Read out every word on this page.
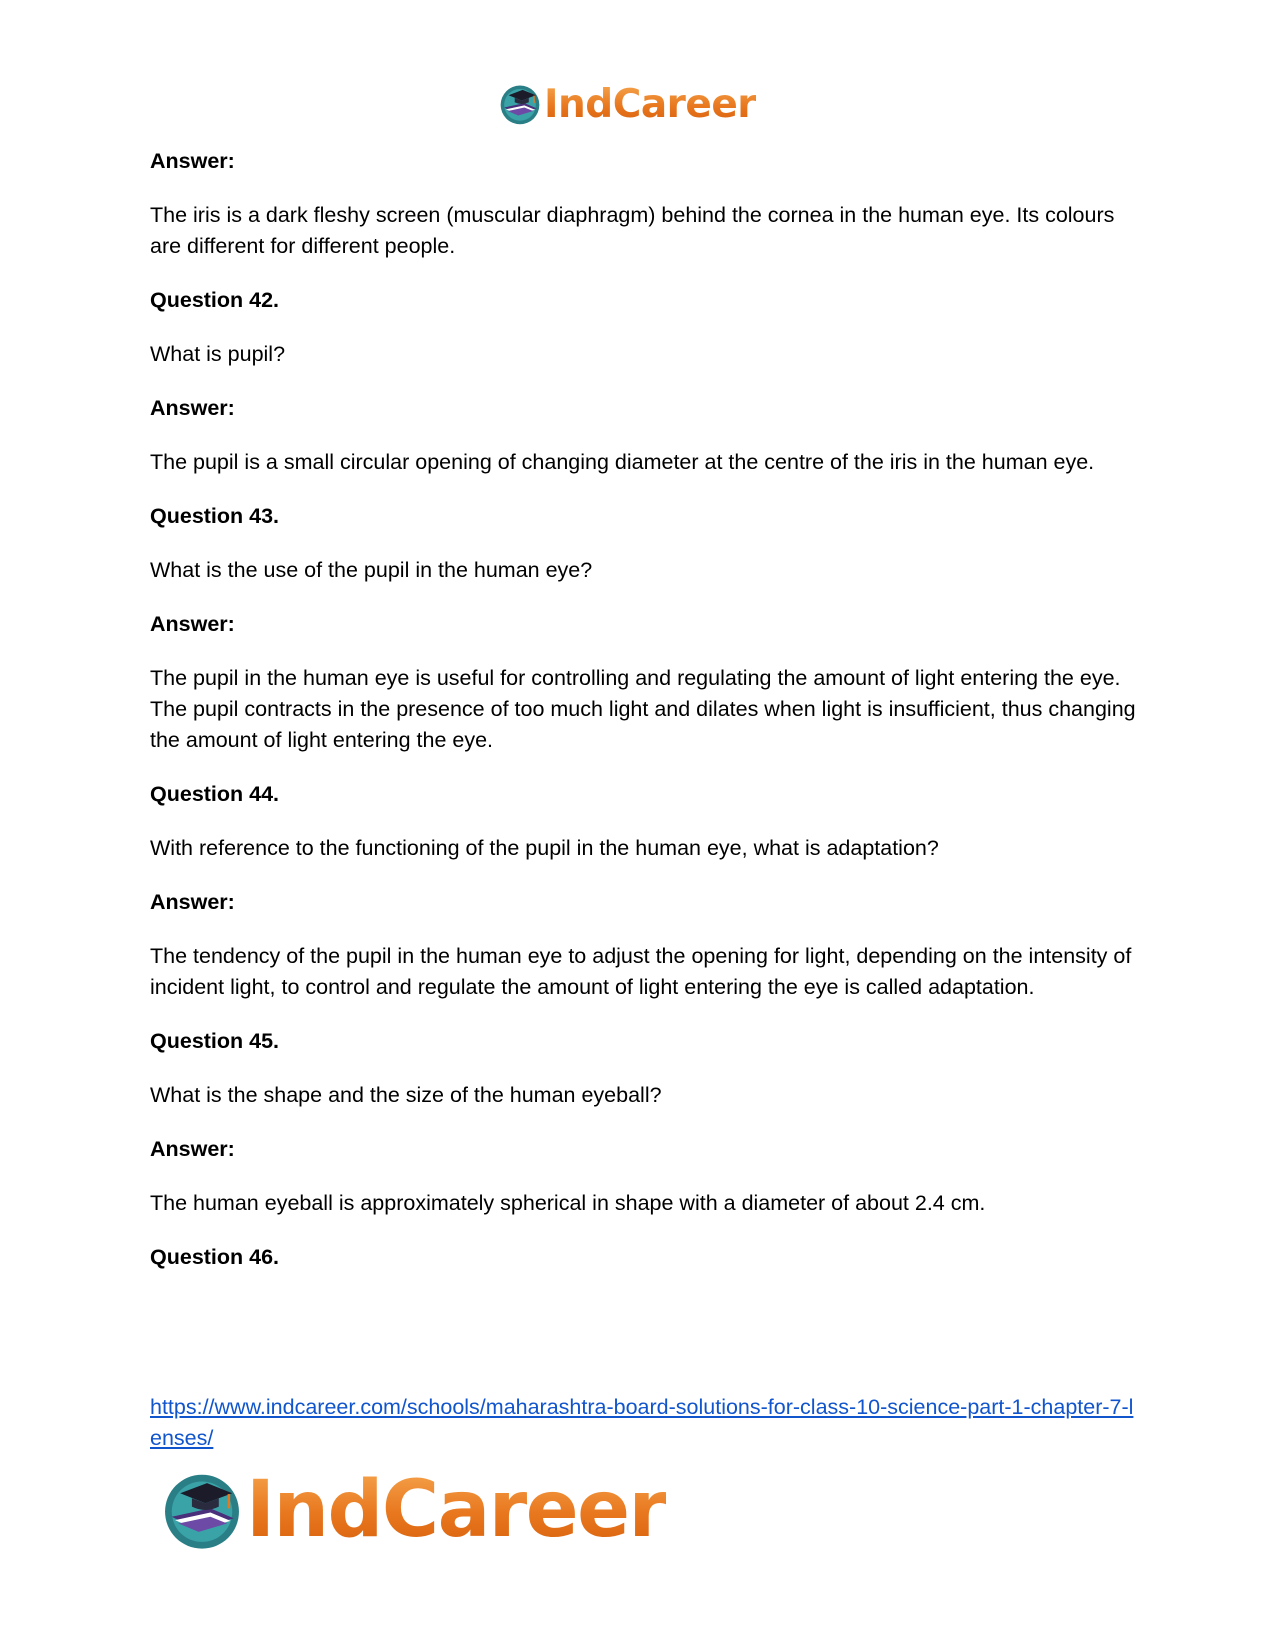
IndCareer

Answer:

The iris is a dark fleshy screen (muscular diaphragm) behind the cornea in the human eye. Its colours are different for different people.

Question 42.

What is pupil?

Answer:

The pupil is a small circular opening of changing diameter at the centre of the iris in the human eye.

Question 43.

What is the use of the pupil in the human eye?

Answer:

The pupil in the human eye is useful for controlling and regulating the amount of light entering the eye. The pupil contracts in the presence of too much light and dilates when light is insufficient, thus changing the amount of light entering the eye.

Question 44.

With reference to the functioning of the pupil in the human eye, what is adaptation?

Answer:

The tendency of the pupil in the human eye to adjust the opening for light, depending on the intensity of incident light, to control and regulate the amount of light entering the eye is called adaptation.

Question 45.

What is the shape and the size of the human eyeball?

Answer:

The human eyeball is approximately spherical in shape with a diameter of about 2.4 cm.

Question 46.

https://www.indcareer.com/schools/maharashtra-board-solutions-for-class-10-science-part-1-chapter-7-lenses/
IndCareer
